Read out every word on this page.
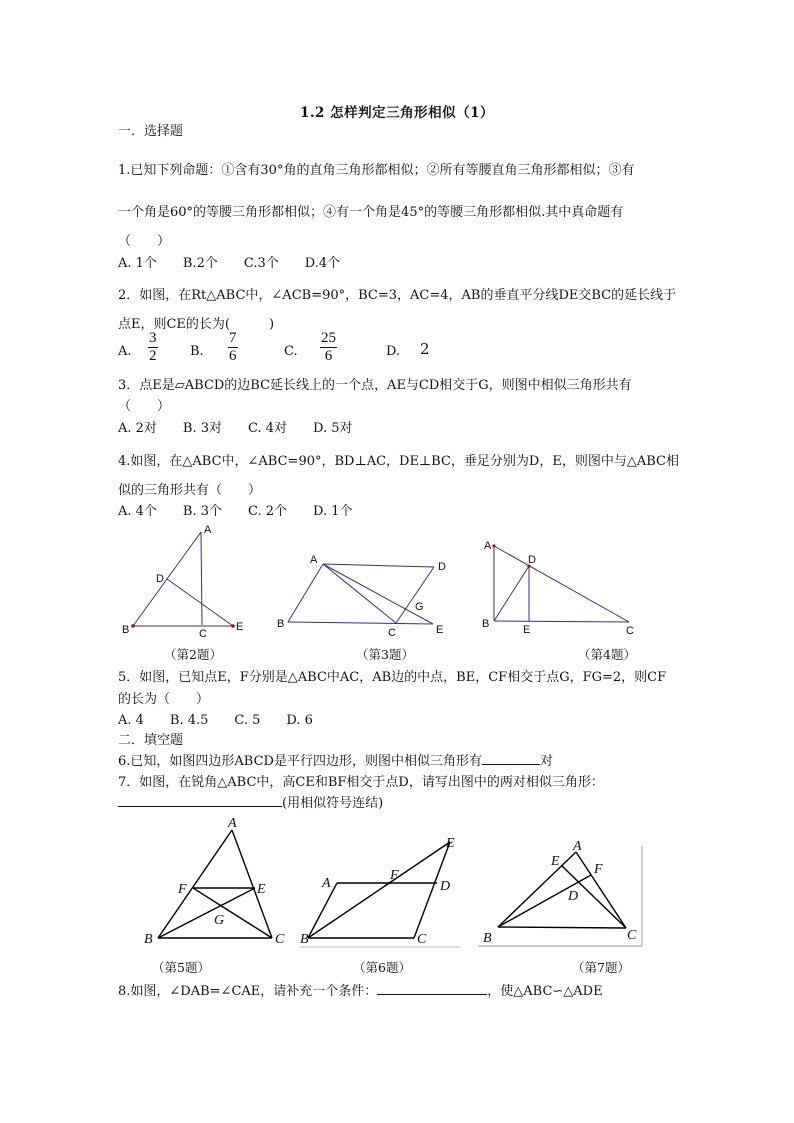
1.2 怎样判定三角形相似（1）
一．选择题
1.已知下列命题：①含有30°角的直角三角形都相似；②所有等腰直角三角形都相似；③有
一个角是60°的等腰三角形都相似；④有一个角是45°的等腰三角形都相似.其中真命题有
（　　）
A. 1个　　B.2个　　C.3个　　D.4个
2．如图，在Rt△ABC中，∠ACB=90°，BC=3，AC=4，AB的垂直平分线DE交BC的延长线于
点E，则CE的长为(　　　)
A. $\frac{3}{2}$	B. $\frac{7}{6}$	C. $\frac{25}{6}$	D. 2
3．点E是▱ABCD的边BC延长线上的一个点，AE与CD相交于G，则图中相似三角形共有
（　　）
A. 2对　　B. 3对　　C. 4对　　D. 5对
4.如图，在△ABC中，∠ABC=90°，BD⊥AC，DE⊥BC，垂足分别为D，E，则图中与△ABC相
似的三角形共有（　　）
A. 4个　　B. 3个　　C. 2个　　D. 1个
A
D
B	C
E
（第2题）
A
D
G
B
C	E
（第3题）
A
D
B	E	C
（第4题）
5．如图，已知点E，F分别是△ABC中AC，AB边的中点，BE，CF相交于点G，FG=2，则CF
的长为（　　）
A. 4　　B. 4.5　　C. 5　　D. 6
二．填空题
6.已知，如图四边形ABCD是平行四边形，则图中相似三角形有	对
7．如图，在锐角△ABC中，高CE和BF相交于点D，请写出图中的两对相似三角形：
(用相似符号连结)
A
F	E
G
B	C
（第5题）
A
F
D
E
B	C
（第6题）
A
E
F
D
B	C
（第7题）
8.如图，∠DAB=∠CAE，请补充一个条件：	，使△ABC∽△ADE
